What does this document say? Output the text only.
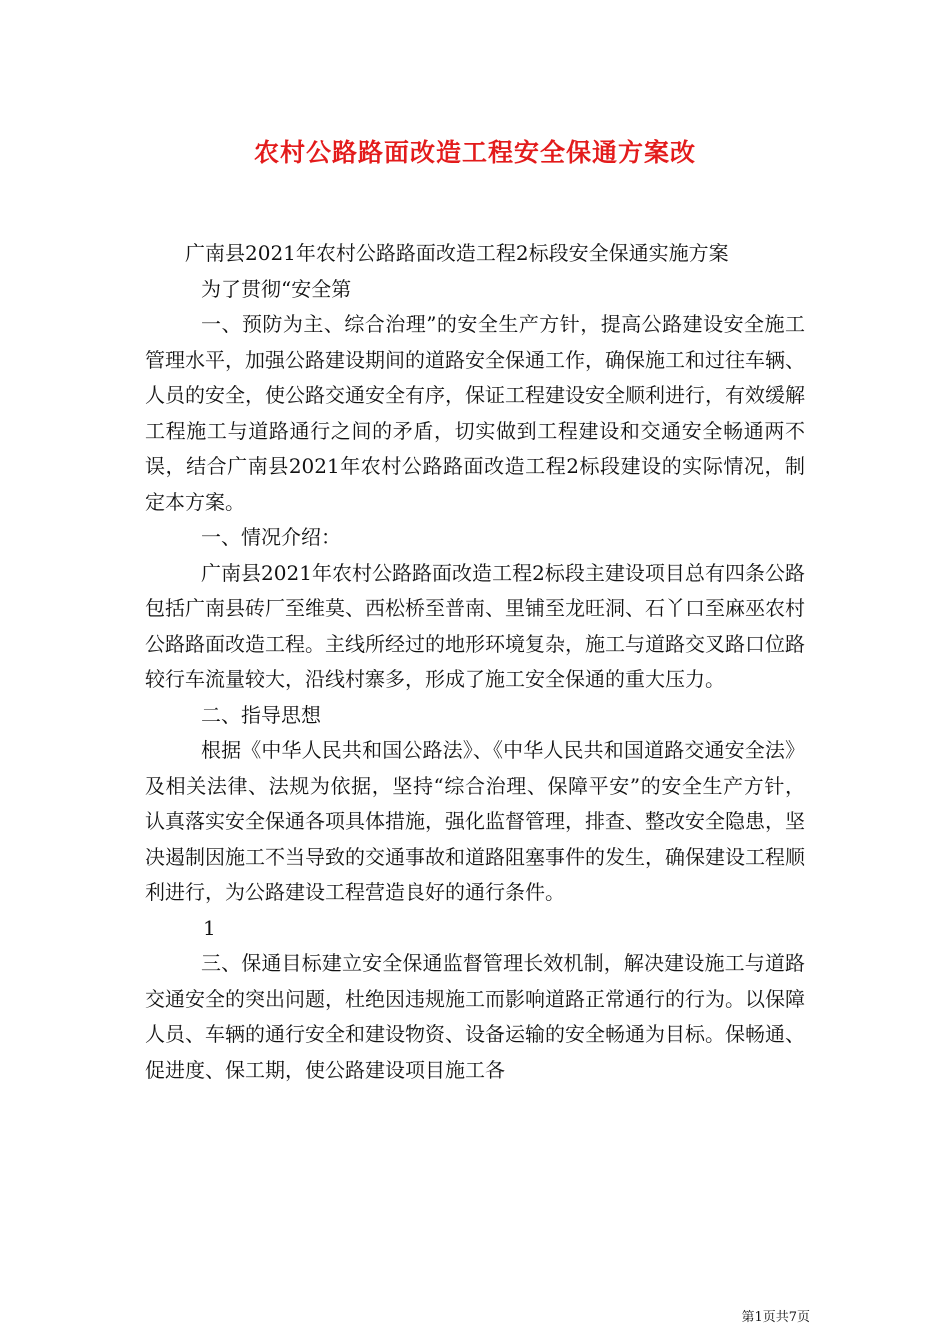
农村公路路面改造工程安全保通方案改

广南县2021年农村公路路面改造工程2标段安全保通实施方案

为了贯彻“安全第

一、预防为主、综合治理”的安全生产方针，提高公路建设安全施工管理水平，加强公路建设期间的道路安全保通工作，确保施工和过往车辆、人员的安全，使公路交通安全有序，保证工程建设安全顺利进行，有效缓解工程施工与道路通行之间的矛盾，切实做到工程建设和交通安全畅通两不误，结合广南县2021年农村公路路面改造工程2标段建设的实际情况，制定本方案。

一、情况介绍：

广南县2021年农村公路路面改造工程2标段主建设项目总有四条公路包括广南县砖厂至维莫、西松桥至普南、里铺至龙旺洞、石丫口至麻巫农村公路路面改造工程。主线所经过的地形环境复杂，施工与道路交叉路口位路较行车流量较大，沿线村寨多，形成了施工安全保通的重大压力。

二、指导思想

根据《中华人民共和国公路法》、《中华人民共和国道路交通安全法》及相关法律、法规为依据，坚持“综合治理、保障平安”的安全生产方针，认真落实安全保通各项具体措施，强化监督管理，排查、整改安全隐患，坚决遏制因施工不当导致的交通事故和道路阻塞事件的发生，确保建设工程顺利进行，为公路建设工程营造良好的通行条件。

1

三、保通目标建立安全保通监督管理长效机制，解决建设施工与道路交通安全的突出问题，杜绝因违规施工而影响道路正常通行的行为。以保障人员、车辆的通行安全和建设物资、设备运输的安全畅通为目标。保畅通、促进度、保工期，使公路建设项目施工各

第1页共7页
